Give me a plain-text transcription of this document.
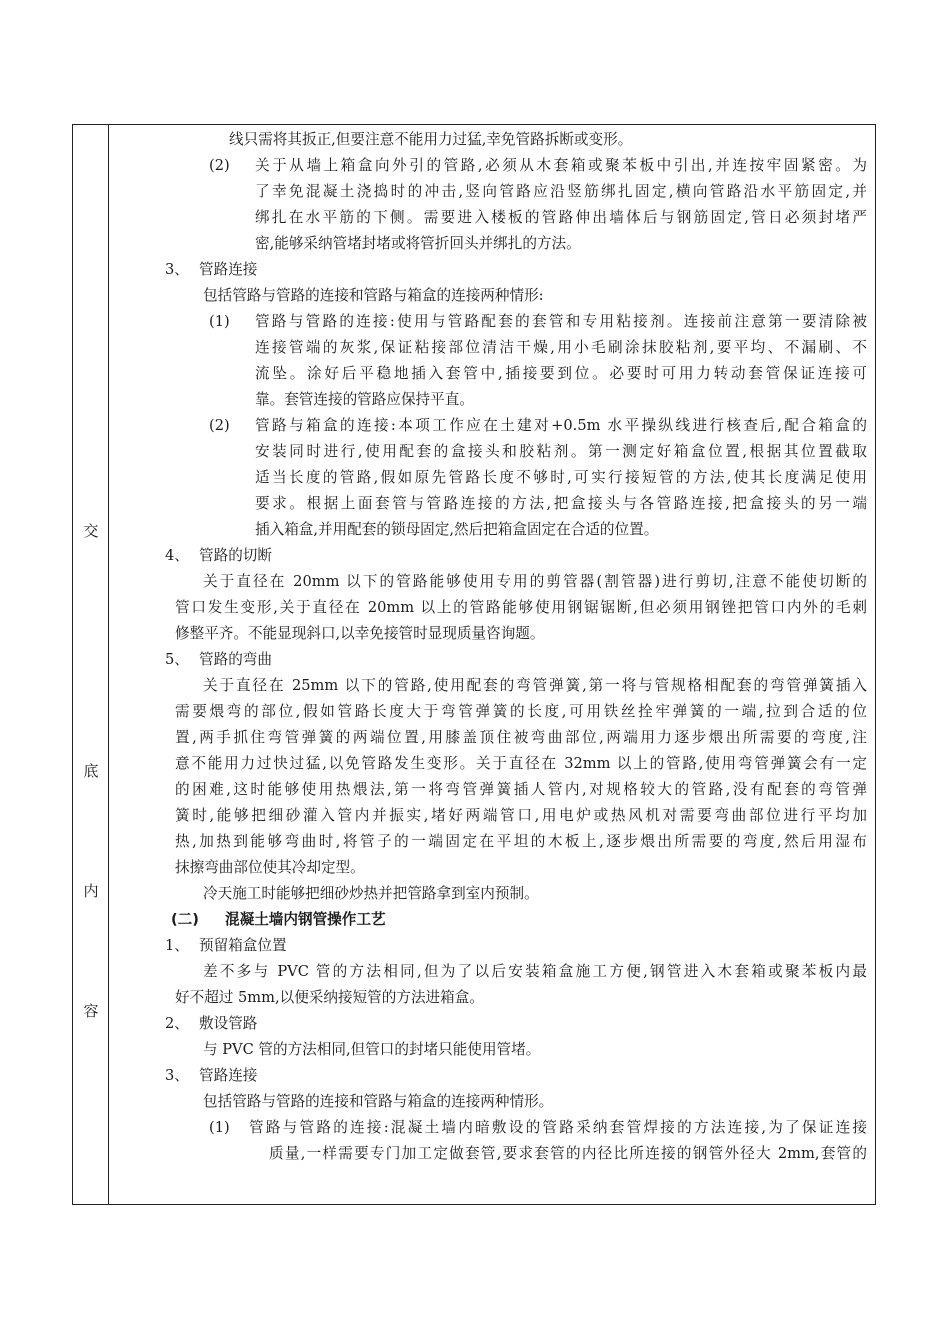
交
底
内
容
线只需将其扳正,但要注意不能用力过猛,幸免管路拆断或变形。
(2) 关于从墙上箱盒向外引的管路,必须从木套箱或聚苯板中引出,并连按牢固紧密。为
了幸免混凝土浇捣时的冲击,竖向管路应沿竖筋绑扎固定,横向管路沿水平筋固定,并
绑扎在水平筋的下侧。需要进入楼板的管路伸出墙体后与钢筋固定,管日必须封堵严
密,能够采纳管堵封堵或将管折回头并绑扎的方法。
3、 管路连接
包括管路与管路的连接和管路与箱盒的连接两种情形:
(1) 管路与管路的连接:使用与管路配套的套管和专用粘接剂。连接前注意第一要清除被
连接管端的灰浆,保证粘接部位清洁干燥,用小毛刷涂抹胶粘剂,要平均、不漏刷、不
流坠。涂好后平稳地插入套管中,插接要到位。必要时可用力转动套管保证连接可
靠。套管连接的管路应保持平直。
(2) 管路与箱盒的连接:本项工作应在土建对+0.5m 水平操纵线进行核查后,配合箱盒的
安装同时进行,使用配套的盒接头和胶粘剂。第一测定好箱盒位置,根据其位置截取
适当长度的管路,假如原先管路长度不够时,可实行接短管的方法,使其长度满足使用
要求。根据上面套管与管路连接的方法,把盒接头与各管路连接,把盒接头的另一端
插入箱盒,并用配套的锁母固定,然后把箱盒固定在合适的位置。
4、 管路的切断
关于直径在 20mm 以下的管路能够使用专用的剪管器(割管器)进行剪切,注意不能使切断的
管口发生变形,关于直径在 20mm 以上的管路能够使用钢锯锯断,但必须用钢锉把管口内外的毛刺
修整平齐。不能显现斜口,以幸免接管时显现质量咨询题。
5、 管路的弯曲
关于直径在 25mm 以下的管路,使用配套的弯管弹簧,第一将与管规格相配套的弯管弹簧插入
需要煨弯的部位,假如管路长度大于弯管弹簧的长度,可用铁丝拴牢弹簧的一端,拉到合适的位
置,两手抓住弯管弹簧的两端位置,用膝盖顶住被弯曲部位,两端用力逐步煨出所需要的弯度,注
意不能用力过快过猛,以免管路发生变形。关于直径在 32mm 以上的管路,使用弯管弹簧会有一定
的困难,这时能够使用热煨法,第一将弯管弹簧插人管内,对规格较大的管路,没有配套的弯管弹
簧时,能够把细砂灌入管内并振实,堵好两端管口,用电炉或热风机对需要弯曲部位进行平均加
热,加热到能够弯曲时,将管子的一端固定在平坦的木板上,逐步煨出所需要的弯度,然后用湿布
抹擦弯曲部位使其冷却定型。
冷天施工时能够把细砂炒热并把管路拿到室内预制。
(二) 混凝土墙内钢管操作工艺
1、 预留箱盒位置
差不多与 PVC 管的方法相同,但为了以后安装箱盒施工方便,钢管进入木套箱或聚苯板内最
好不超过 5mm,以便采纳接短管的方法进箱盒。
2、 敷设管路
与 PVC 管的方法相同,但管口的封堵只能使用管堵。
3、 管路连接
包括管路与管路的连接和管路与箱盒的连接两种情形。
(1) 管路与管路的连接:混凝土墙内暗敷设的管路采纳套管焊接的方法连接,为了保证连接
质量,一样需要专门加工定做套管,要求套管的内径比所连接的钢管外径大 2mm,套管的
